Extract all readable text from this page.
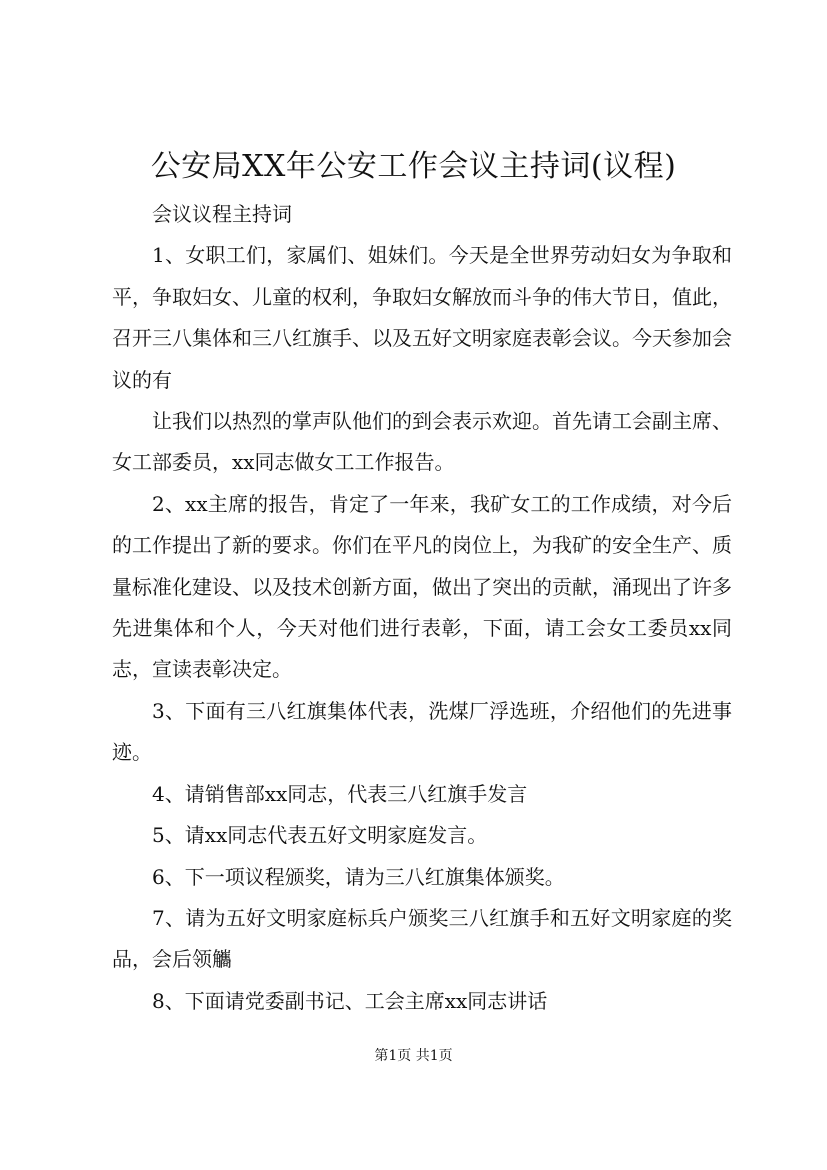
公安局XX年公安工作会议主持词(议程)

会议议程主持词

1、女职工们，家属们、姐妹们。今天是全世界劳动妇女为争取和平，争取妇女、儿童的权利，争取妇女解放而斗争的伟大节日，值此，召开三八集体和三八红旗手、以及五好文明家庭表彰会议。今天参加会议的有

让我们以热烈的掌声队他们的到会表示欢迎。首先请工会副主席、女工部委员，xx同志做女工工作报告。

2、xx主席的报告，肯定了一年来，我矿女工的工作成绩，对今后的工作提出了新的要求。你们在平凡的岗位上，为我矿的安全生产、质量标准化建设、以及技术创新方面，做出了突出的贡献，涌现出了许多先进集体和个人，今天对他们进行表彰，下面，请工会女工委员xx同志，宣读表彰决定。

3、下面有三八红旗集体代表，洗煤厂浮选班，介绍他们的先进事迹。

4、请销售部xx同志，代表三八红旗手发言

5、请xx同志代表五好文明家庭发言。

6、下一项议程颁奖，请为三八红旗集体颁奖。

7、请为五好文明家庭标兵户颁奖三八红旗手和五好文明家庭的奖品，会后领觿

8、下面请党委副书记、工会主席xx同志讲话

第1页 共1页
